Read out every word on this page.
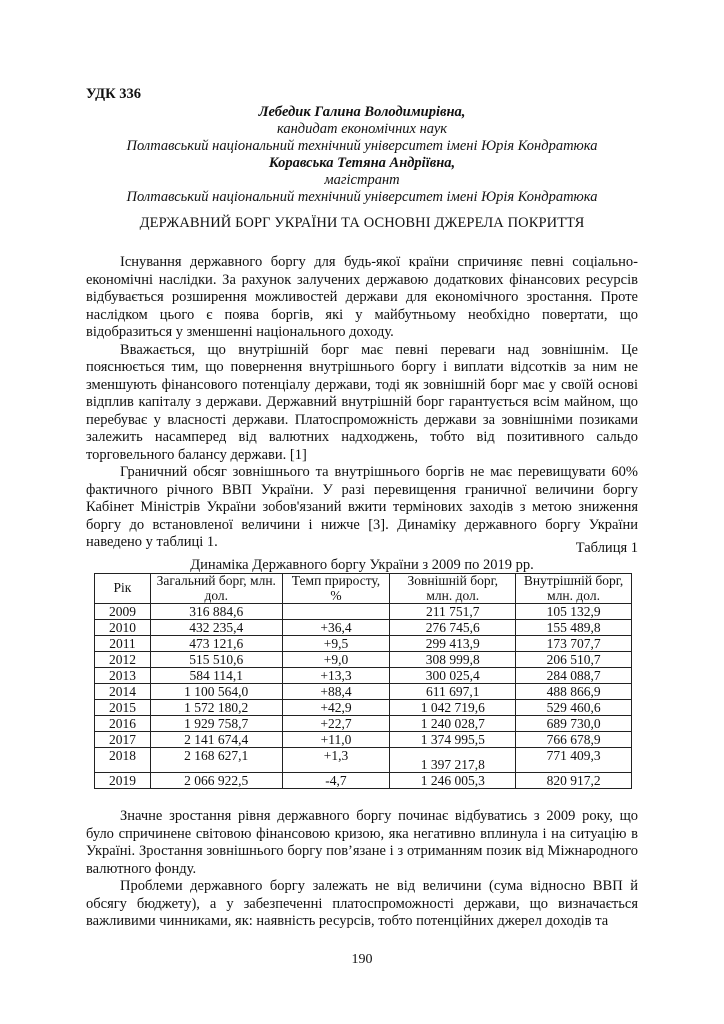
УДК 336
Лебедик Галина Володимирівна,
кандидат економічних наук
Полтавський національний технічний університет імені Юрія Кондратюка
Коравська Тетяна Андріївна,
магістрант
Полтавський національний технічний університет імені Юрія Кондратюка
ДЕРЖАВНИЙ БОРГ УКРАЇНИ ТА ОСНОВНІ ДЖЕРЕЛА ПОКРИТТЯ

Існування державного боргу для будь-якої країни спричиняє певні соціально-економічні наслідки. За рахунок залучених державою додаткових фінансових ресурсів відбувається розширення можливостей держави для економічного зростання. Проте наслідком цього є поява боргів, які у майбутньому необхідно повертати, що відобразиться у зменшенні національного доходу.

Вважається, що внутрішній борг має певні переваги над зовнішнім. Це пояснюється тим, що повернення внутрішнього боргу і виплати відсотків за ним не зменшують фінансового потенціалу держави, тоді як зовнішній борг має у своїй основі відплив капіталу з держави. Державний внутрішній борг гарантується всім майном, що перебуває у власності держави. Платоспроможність держави за зовнішніми позиками залежить насамперед від валютних надходжень, тобто від позитивного сальдо торговельного балансу держави. [1]

Граничний обсяг зовнішнього та внутрішнього боргів не має перевищувати 60% фактичного річного ВВП України. У разі перевищення граничної величини боргу Кабінет Міністрів України зобов'язаний вжити термінових заходів з метою зниження боргу до встановленої величини і нижче [3]. Динаміку державного боргу України наведено у таблиці 1.	Таблиця 1
Динаміка Державного боргу України з 2009 по 2019 рр.
Рік	Загальний борг, млн. дол.	Темп приросту, %	Зовнішній борг, млн. дол.	Внутрішній борг, млн. дол.
2009	316 884,6		211 751,7	105 132,9
2010	432 235,4	+36,4	276 745,6	155 489,8
2011	473 121,6	+9,5	299 413,9	173 707,7
2012	515 510,6	+9,0	308 999,8	206 510,7
2013	584 114,1	+13,3	300 025,4	284 088,7
2014	1 100 564,0	+88,4	611 697,1	488 866,9
2015	1 572 180,2	+42,9	1 042 719,6	529 460,6
2016	1 929 758,7	+22,7	1 240 028,7	689 730,0
2017	2 141 674,4	+11,0	1 374 995,5	766 678,9
2018	2 168 627,1	+1,3	1 397 217,8	771 409,3
2019	2 066 922,5	-4,7	1 246 005,3	820 917,2

Значне зростання рівня державного боргу починає відбуватись з 2009 року, що було спричинене світовою фінансовою кризою, яка негативно вплинула і на ситуацію в Україні. Зростання зовнішнього боргу пов’язане і з отриманням позик від Міжнародного валютного фонду.

Проблеми державного боргу залежать не від величини (сума відносно ВВП й обсягу бюджету), а у забезпеченні платоспроможності держави, що визначається важливими чинниками, як: наявність ресурсів, тобто потенційних джерел доходів та

190
